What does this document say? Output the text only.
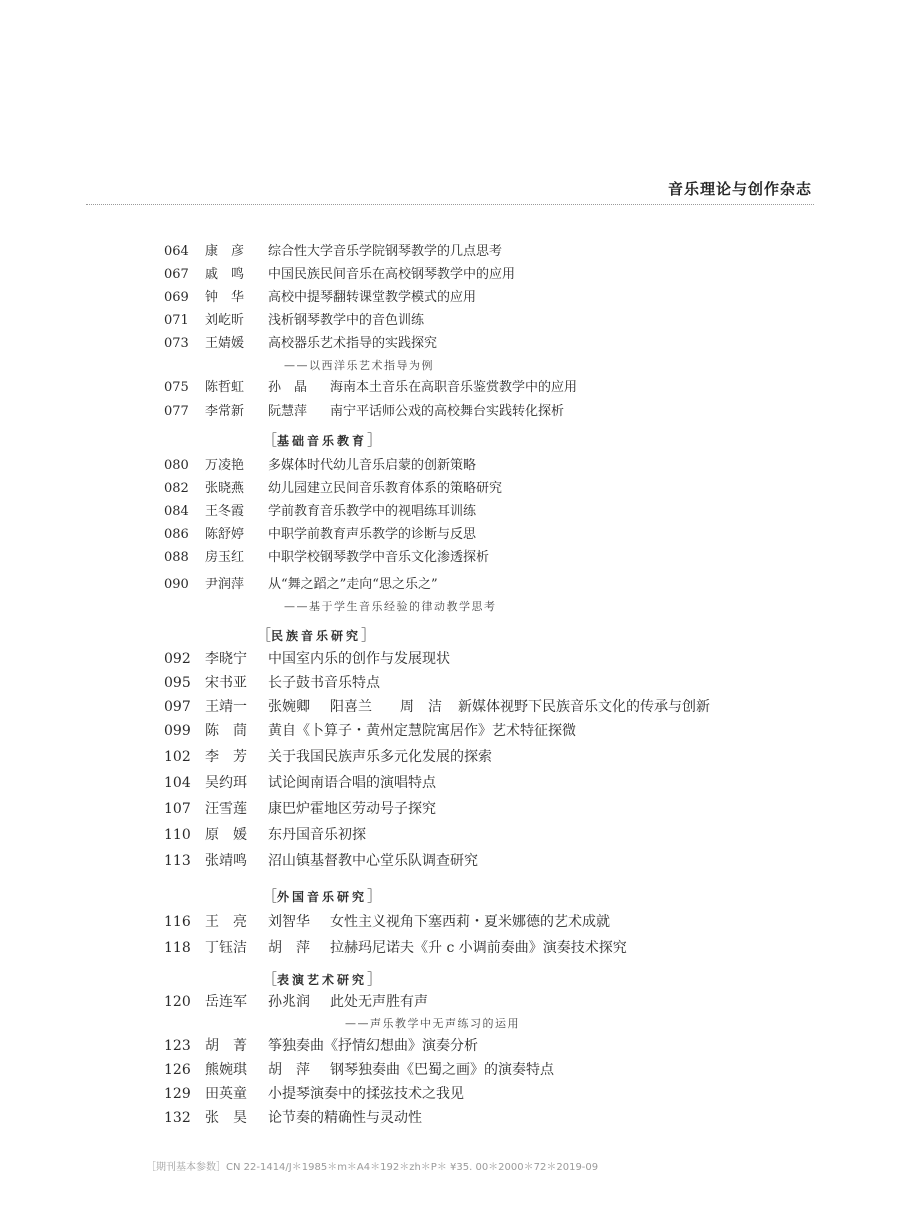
音乐理论与创作杂志
064 康　彦 综合性大学音乐学院钢琴教学的几点思考
067 戚　鸣 中国民族民间音乐在高校钢琴教学中的应用
069 钟　华 高校中提琴翻转课堂教学模式的应用
071 刘屹昕 浅析钢琴教学中的音色训练
073 王婧媛 高校器乐艺术指导的实践探究
——以西洋乐艺术指导为例
075 陈哲虹 孙　晶 海南本土音乐在高职音乐鉴赏教学中的应用
077 李常新 阮慧萍 南宁平话师公戏的高校舞台实践转化探析
［基础音乐教育］
080 万凌艳 多媒体时代幼儿音乐启蒙的创新策略
082 张晓燕 幼儿园建立民间音乐教育体系的策略研究
084 王冬霞 学前教育音乐教学中的视唱练耳训练
086 陈舒婷 中职学前教育声乐教学的诊断与反思
088 房玉红 中职学校钢琴教学中音乐文化渗透探析
090 尹润萍 从“舞之蹈之”走向“思之乐之”
——基于学生音乐经验的律动教学思考
［民族音乐研究］
092 李晓宁 中国室内乐的创作与发展现状
095 宋书亚 长子鼓书音乐特点
097 王靖一 张婉卿 阳喜兰 周　洁 新媒体视野下民族音乐文化的传承与创新
099 陈　茼 黄自《卜算子・黄州定慧院寓居作》艺术特征探微
102 李　芳 关于我国民族声乐多元化发展的探索
104 吴约珥 试论闽南语合唱的演唱特点
107 汪雪莲 康巴炉霍地区劳动号子探究
110 原　媛 东丹国音乐初探
113 张靖鸣 沼山镇基督教中心堂乐队调查研究
［外国音乐研究］
116 王　亮 刘智华 女性主义视角下塞西莉・夏米娜德的艺术成就
118 丁钰洁 胡　萍 拉赫玛尼诺夫《升 c 小调前奏曲》演奏技术探究
［表演艺术研究］
120 岳连军 孙兆润 此处无声胜有声
——声乐教学中无声练习的运用
123 胡　菁 筝独奏曲《抒情幻想曲》演奏分析
126 熊婉琪 胡　萍 钢琴独奏曲《巴蜀之画》的演奏特点
129 田英童 小提琴演奏中的揉弦技术之我见
132 张　昊 论节奏的精确性与灵动性
［期刊基本参数］CN 22-1414/J＊1985＊m＊A4＊192＊zh＊P＊ ¥35. 00＊2000＊72＊2019-09
